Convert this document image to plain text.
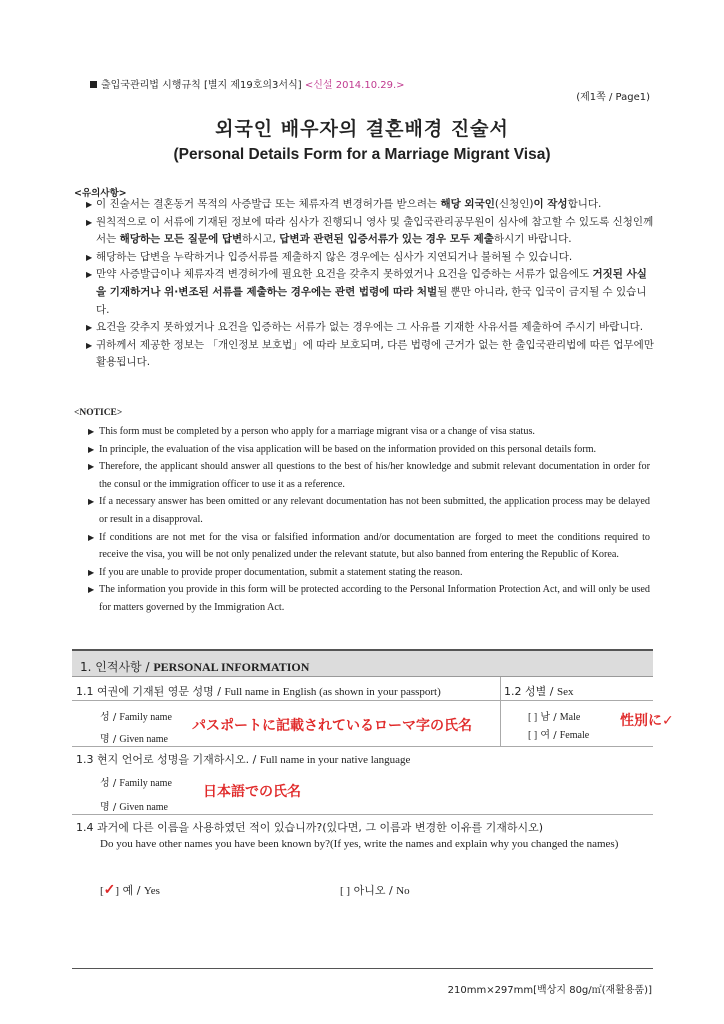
출입국관리법 시행규칙 [별지 제19호의3서식] <신설 2014.10.29.>
(제1쪽 / Page1)
외국인 배우자의 결혼배경 진술서
(Personal Details Form for a Marriage Migrant Visa)
<유의사항>
▶ 이 진술서는 결혼동거 목적의 사증발급 또는 체류자격 변경허가를 받으려는 해당 외국인(신청인)이 작성합니다.
▶ 원칙적으로 이 서류에 기재된 정보에 따라 심사가 진행되니 영사 및 출입국관리공무원이 심사에 참고할 수 있도록 신청인께서는 해당하는 모든 질문에 답변하시고, 답변과 관련된 입증서류가 있는 경우 모두 제출하시기 바랍니다.
▶ 해당하는 답변을 누락하거나 입증서류를 제출하지 않은 경우에는 심사가 지연되거나 불허될 수 있습니다.
▶ 만약 사증발급이나 체류자격 변경허가에 필요한 요건을 갖추지 못하였거나 요건을 입증하는 서류가 없음에도 거짓된 사실을 기재하거나 위·변조된 서류를 제출하는 경우에는 관련 법령에 따라 처벌될 뿐만 아니라, 한국 입국이 금지될 수 있습니다.
▶ 요건을 갖추지 못하였거나 요건을 입증하는 서류가 없는 경우에는 그 사유를 기재한 사유서를 제출하여 주시기 바랍니다.
▶ 귀하께서 제공한 정보는 「개인정보 보호법」에 따라 보호되며, 다른 법령에 근거가 없는 한 출입국관리법에 따른 업무에만 활용됩니다.
<NOTICE>
▶ This form must be completed by a person who apply for a marriage migrant visa or a change of visa status.
▶ In principle, the evaluation of the visa application will be based on the information provided on this personal details form.
▶ Therefore, the applicant should answer all questions to the best of his/her knowledge and submit relevant documentation in order for the consul or the immigration officer to use it as a reference.
▶ If a necessary answer has been omitted or any relevant documentation has not been submitted, the application process may be delayed or result in a disapproval.
▶ If conditions are not met for the visa or falsified information and/or documentation are forged to meet the conditions required to receive the visa, you will be not only penalized under the relevant statute, but also banned from entering the Republic of Korea.
▶ If you are unable to provide proper documentation, submit a statement stating the reason.
▶ The information you provide in this form will be protected according to the Personal Information Protection Act, and will only be used for matters governed by the Immigration Act.
1. 인적사항 / PERSONAL INFORMATION
1.1 여권에 기재된 영문 성명 / Full name in English (as shown in your passport)
성 / Family name
명 / Given name
パスポートに記載されているローマ字の氏名
1.2 성별 / Sex
[ ] 남 / Male
[ ] 여 / Female
性別に✓
1.3 현지 언어로 성명을 기재하시오. / Full name in your native language
성 / Family name
명 / Given name
日本語での氏名
1.4 과거에 다른 이름을 사용하였던 적이 있습니까?(있다면, 그 이름과 변경한 이유를 기재하시오)
Do you have other names you have been known by?(If yes, write the names and explain why you changed the names)
[✓] 예 / Yes	[ ] 아니오 / No
210mm×297mm[백상지 80g/㎡(재활용품)]
